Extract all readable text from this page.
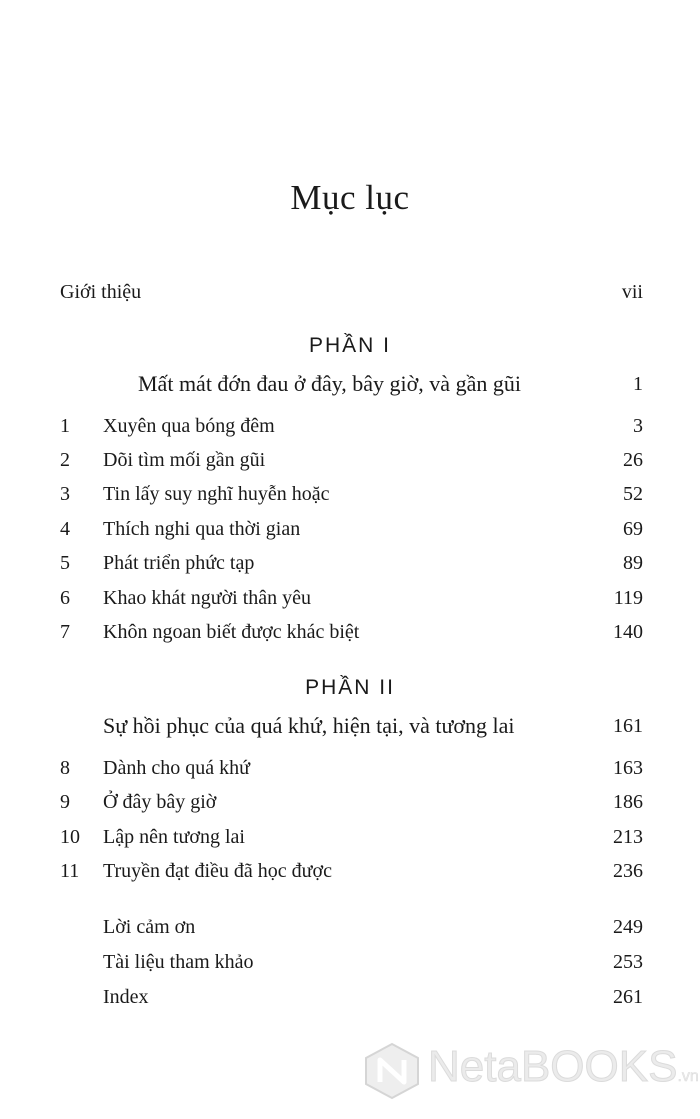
Mục lục
Giới thiệu	vii
PHẦN I
Mất mát đớn đau ở đây, bây giờ, và gần gũi	1
1 Xuyên qua bóng đêm	3
2 Dõi tìm mối gần gũi	26
3 Tin lấy suy nghĩ huyễn hoặc	52
4 Thích nghi qua thời gian	69
5 Phát triển phức tạp	89
6 Khao khát người thân yêu	119
7 Khôn ngoan biết được khác biệt	140
PHẦN II
Sự hồi phục của quá khứ, hiện tại, và tương lai	161
8 Dành cho quá khứ	163
9 Ở đây bây giờ	186
10 Lập nên tương lai	213
11 Truyền đạt điều đã học được	236
Lời cảm ơn	249
Tài liệu tham khảo	253
Index	261
NetaBOOKS.vn
